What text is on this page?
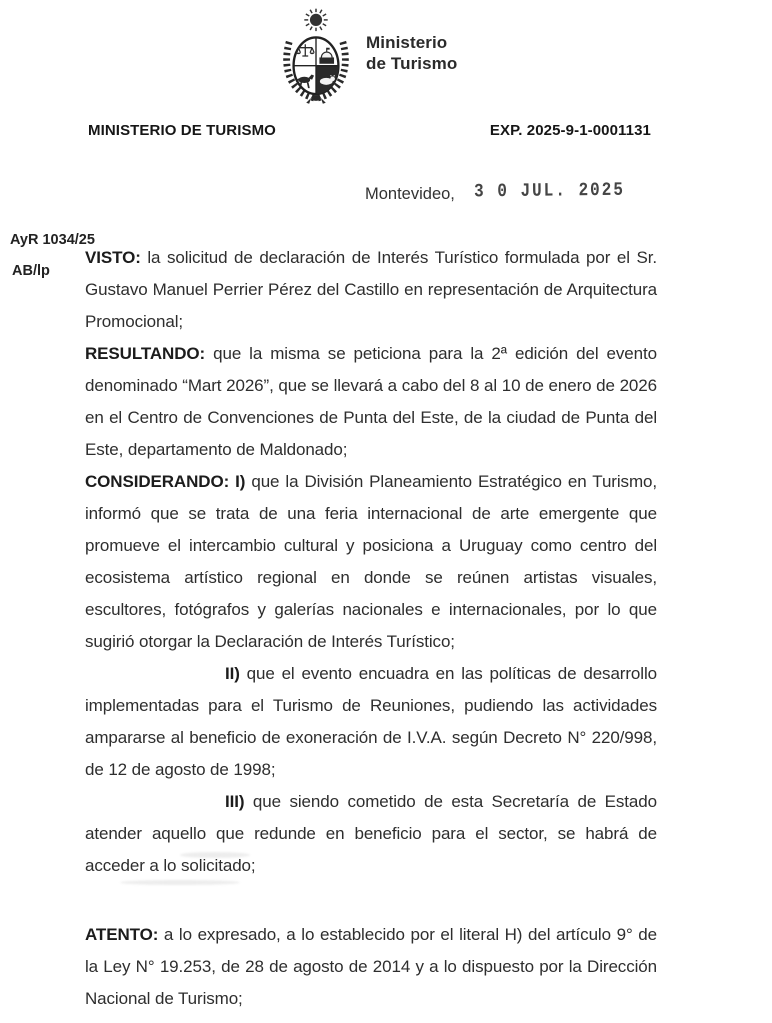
Ministerio
de Turismo
MINISTERIO DE TURISMO	EXP. 2025-9-1-0001131
Montevideo, 3 0 JUL. 2025
AyR 1034/25
AB/lp

VISTO: la solicitud de declaración de Interés Turístico formulada por el Sr. Gustavo Manuel Perrier Pérez del Castillo en representación de Arquitectura Promocional;

RESULTANDO: que la misma se peticiona para la 2ª edición del evento denominado “Mart 2026”, que se llevará a cabo del 8 al 10 de enero de 2026 en el Centro de Convenciones de Punta del Este, de la ciudad de Punta del Este, departamento de Maldonado;

CONSIDERANDO: I) que la División Planeamiento Estratégico en Turismo, informó que se trata de una feria internacional de arte emergente que promueve el intercambio cultural y posiciona a Uruguay como centro del ecosistema artístico regional en donde se reúnen artistas visuales, escultores, fotógrafos y galerías nacionales e internacionales, por lo que sugirió otorgar la Declaración de Interés Turístico;

II) que el evento encuadra en las políticas de desarrollo implementadas para el Turismo de Reuniones, pudiendo las actividades ampararse al beneficio de exoneración de I.V.A. según Decreto N° 220/998, de 12 de agosto de 1998;

III) que siendo cometido de esta Secretaría de Estado atender aquello que redunde en beneficio para el sector, se habrá de acceder a lo solicitado;

ATENTO: a lo expresado, a lo establecido por el literal H) del artículo 9° de la Ley N° 19.253, de 28 de agosto de 2014 y a lo dispuesto por la Dirección Nacional de Turismo;
